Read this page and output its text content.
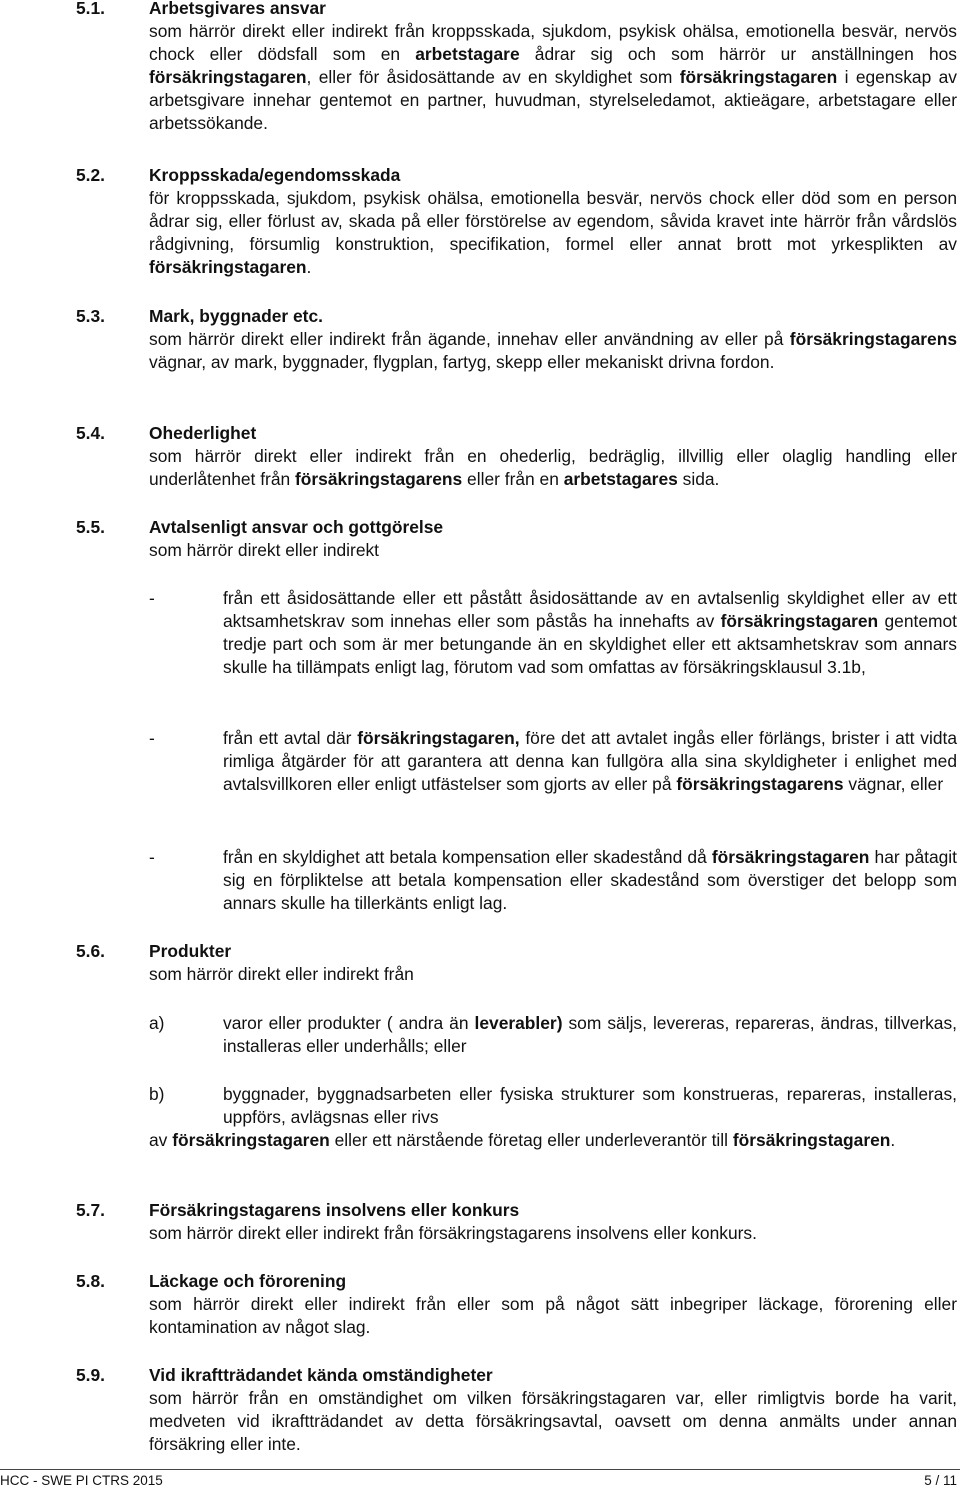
5.1.	Arbetsgivares ansvar

som härrör direkt eller indirekt från kroppsskada, sjukdom, psykisk ohälsa, emotionella besvär, nervös chock eller dödsfall som en arbetstagare ådrar sig och som härrör ur anställningen hos försäkringstagaren, eller för åsidosättande av en skyldighet som försäkringstagaren i egenskap av arbetsgivare innehar gentemot en partner, huvudman, styrelseledamot, aktieägare, arbetstagare eller arbetssökande.

5.2.	Kroppsskada/egendomsskada

för kroppsskada, sjukdom, psykisk ohälsa, emotionella besvär, nervös chock eller död som en person ådrar sig, eller förlust av, skada på eller förstörelse av egendom, såvida kravet inte härrör från vårdslös rådgivning, försumlig konstruktion, specifikation, formel eller annat brott mot yrkesplikten av försäkringstagaren.

5.3.	Mark, byggnader etc.

som härrör direkt eller indirekt från ägande, innehav eller användning av eller på försäkringstagarens vägnar, av mark, byggnader, flygplan, fartyg, skepp eller mekaniskt drivna fordon.

5.4.	Ohederlighet

som härrör direkt eller indirekt från en ohederlig, bedräglig, illvillig eller olaglig handling eller underlåtenhet från försäkringstagarens eller från en arbetstagares sida.

5.5.	Avtalsenligt ansvar och gottgörelse
som härrör direkt eller indirekt
-	från ett åsidosättande eller ett påstått åsidosättande av en avtalsenlig skyldighet eller av ett aktsamhetskrav som innehas eller som påstås ha innehafts av försäkringstagaren gentemot tredje part och som är mer betungande än en skyldighet eller ett aktsamhetskrav som annars skulle ha tillämpats enligt lag, förutom vad som omfattas av försäkringsklausul 3.1b,

-	från ett avtal där försäkringstagaren, före det att avtalet ingås eller förlängs, brister i att vidta rimliga åtgärder för att garantera att denna kan fullgöra alla sina skyldigheter i enlighet med avtalsvillkoren eller enligt utfästelser som gjorts av eller på försäkringstagarens vägnar, eller

-	från en skyldighet att betala kompensation eller skadestånd då försäkringstagaren har påtagit sig en förpliktelse att betala kompensation eller skadestånd som överstiger det belopp som annars skulle ha tillerkänts enligt lag.

5.6.	Produkter
som härrör direkt eller indirekt från
a)	varor eller produkter ( andra än leverabler) som säljs, levereras, repareras, ändras, tillverkas, installeras eller underhålls; eller

b)	byggnader, byggnadsarbeten eller fysiska strukturer som konstrueras, repareras, installeras, uppförs, avlägsnas eller rivs

av försäkringstagaren eller ett närstående företag eller underleverantör till försäkringstagaren.

5.7.	Försäkringstagarens insolvens eller konkurs

som härrör direkt eller indirekt från försäkringstagarens insolvens eller konkurs.

5.8.	Läckage och förorening

som härrör direkt eller indirekt från eller som på något sätt inbegriper läckage, förorening eller kontamination av något slag.

5.9.	Vid ikraftträdandet kända omständigheter

som härrör från en omständighet om vilken försäkringstagaren var, eller rimligtvis borde ha varit, medveten vid ikraftträdandet av detta försäkringsavtal, oavsett om denna anmälts under annan försäkring eller inte.

HCC - SWE PI CTRS 2015	5 / 11
